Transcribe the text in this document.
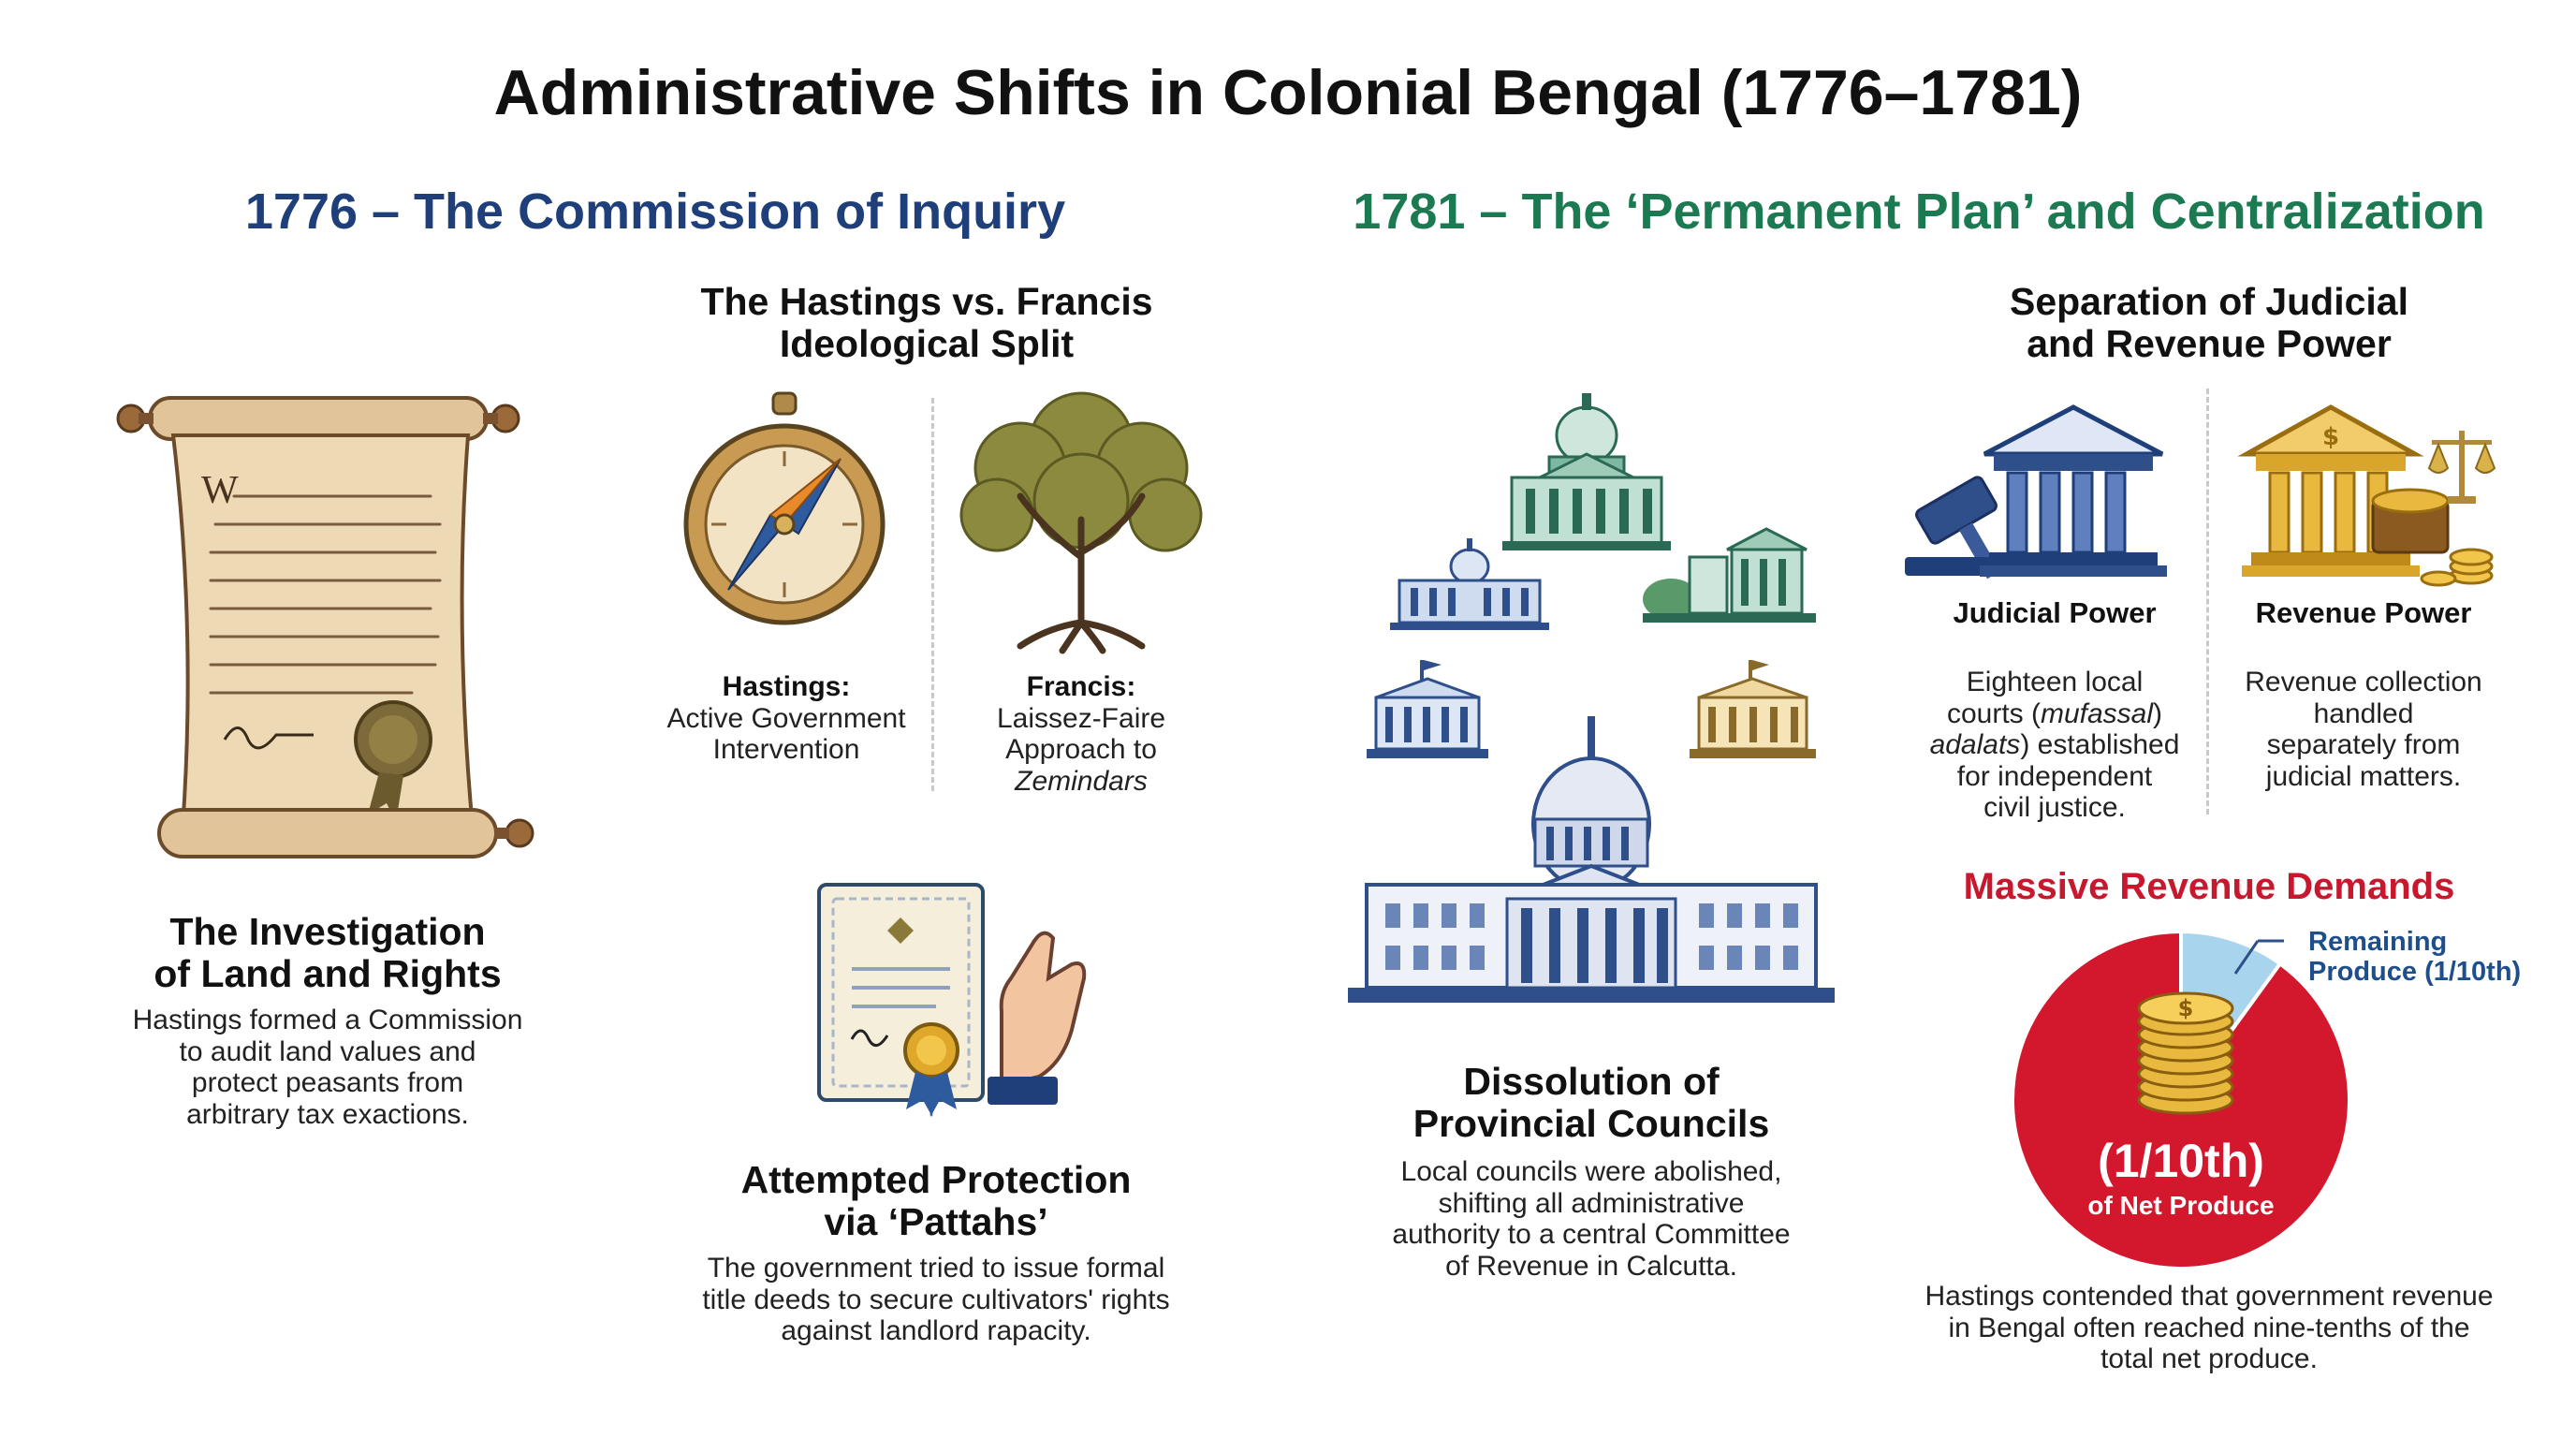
Administrative Shifts in Colonial Bengal (1776–1781)
1776 – The Commission of Inquiry	1781 – The ‘Permanent Plan’ and Centralization
W
The Investigation
of Land and Rights
Hastings formed a Commission
to audit land values and
protect peasants from
arbitrary tax exactions.
The Hastings vs. Francis
Ideological Split
Hastings:
Active Government
Intervention
Francis:
Laissez-Faire
Approach to
Zemindars
Attempted Protection
via ‘Pattahs’
The government tried to issue formal
title deeds to secure cultivators' rights
against landlord rapacity.
Dissolution of
Provincial Councils
Local councils were abolished,
shifting all administrative
authority to a central Committee
of Revenue in Calcutta.
Separation of Judicial
and Revenue Power
$
Judicial Power	Revenue Power
Eighteen local
courts (mufassal)
adalats) established
for independent
civil justice.
Revenue collection
handled
separately from
judicial matters.
Massive Revenue Demands
$
(1/10th)
of Net Produce
Remaining
Produce (1/10th)
Hastings contended that government revenue
in Bengal often reached nine-tenths of the
total net produce.
